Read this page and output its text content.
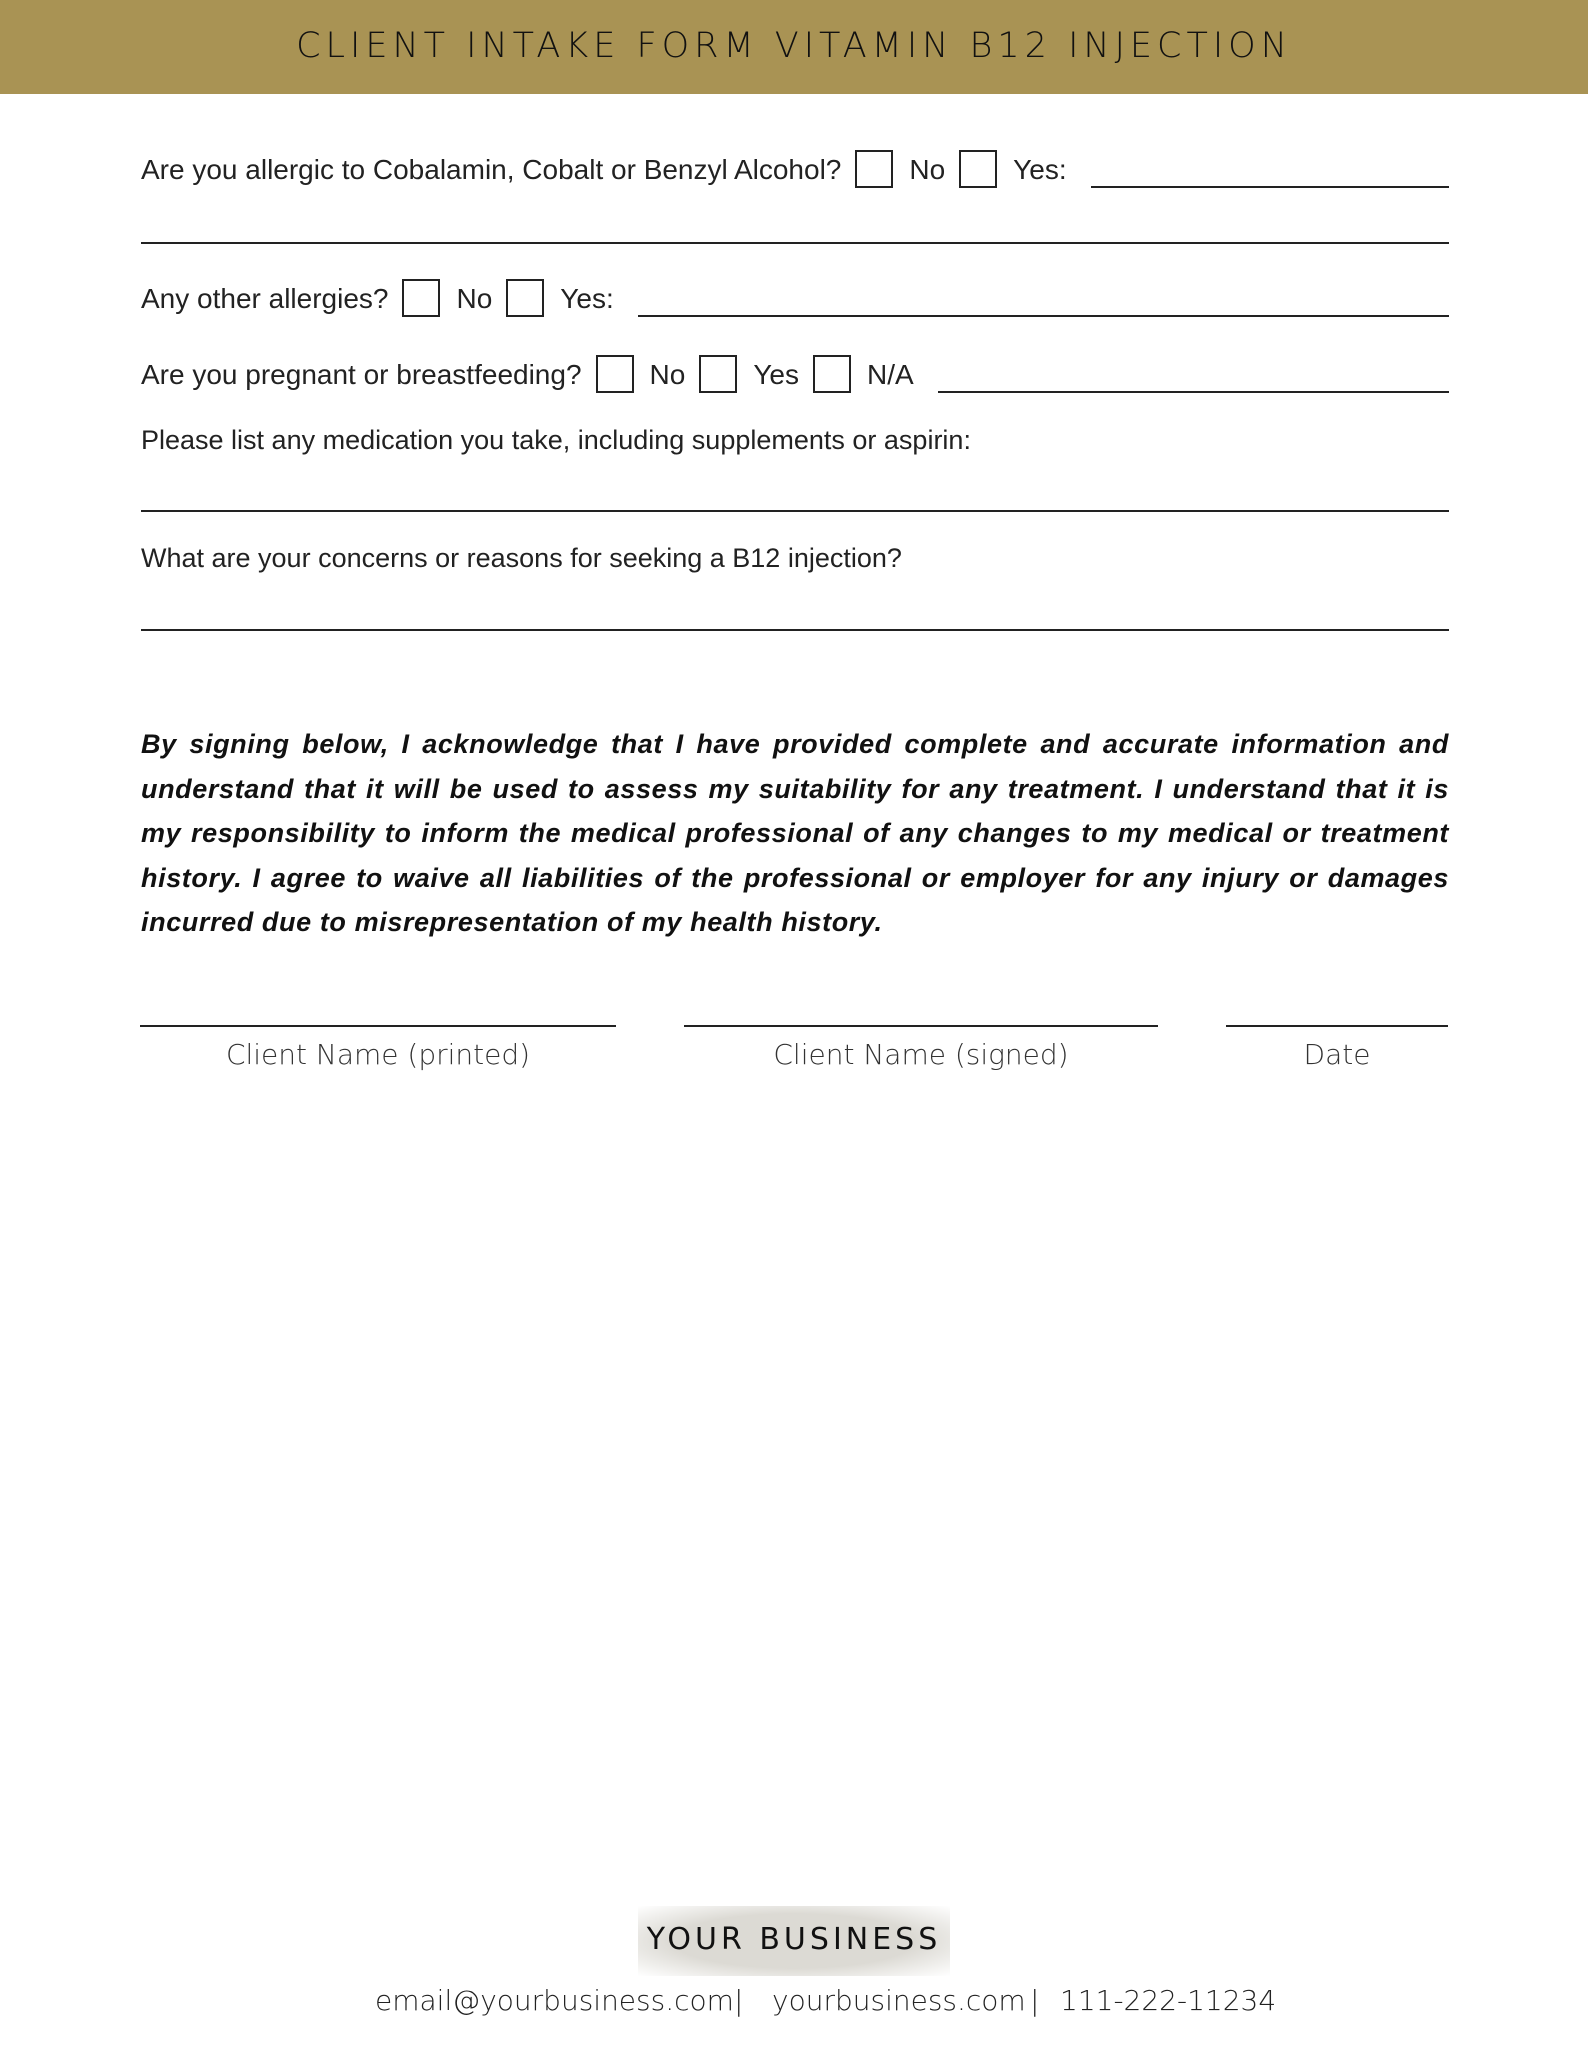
CLIENT INTAKE FORM VITAMIN B12 INJECTION
Are you allergic to Cobalamin, Cobalt or Benzyl Alcohol? No Yes:
Any other allergies? No Yes:
Are you pregnant or breastfeeding? No Yes N/A
Please list any medication you take, including supplements or aspirin:
What are your concerns or reasons for seeking a B12 injection?
By signing below, I acknowledge that I have provided complete and accurate information and understand that it will be used to assess my suitability for any treatment. I understand that it is my responsibility to inform the medical professional of any changes to my medical or treatment history. I agree to waive all liabilities of the professional or employer for any injury or damages incurred due to misrepresentation of my health history.
Client Name (printed)	Client Name (signed)	Date
YOUR BUSINESS
email@yourbusiness.com | yourbusiness.com | 111-222-11234
